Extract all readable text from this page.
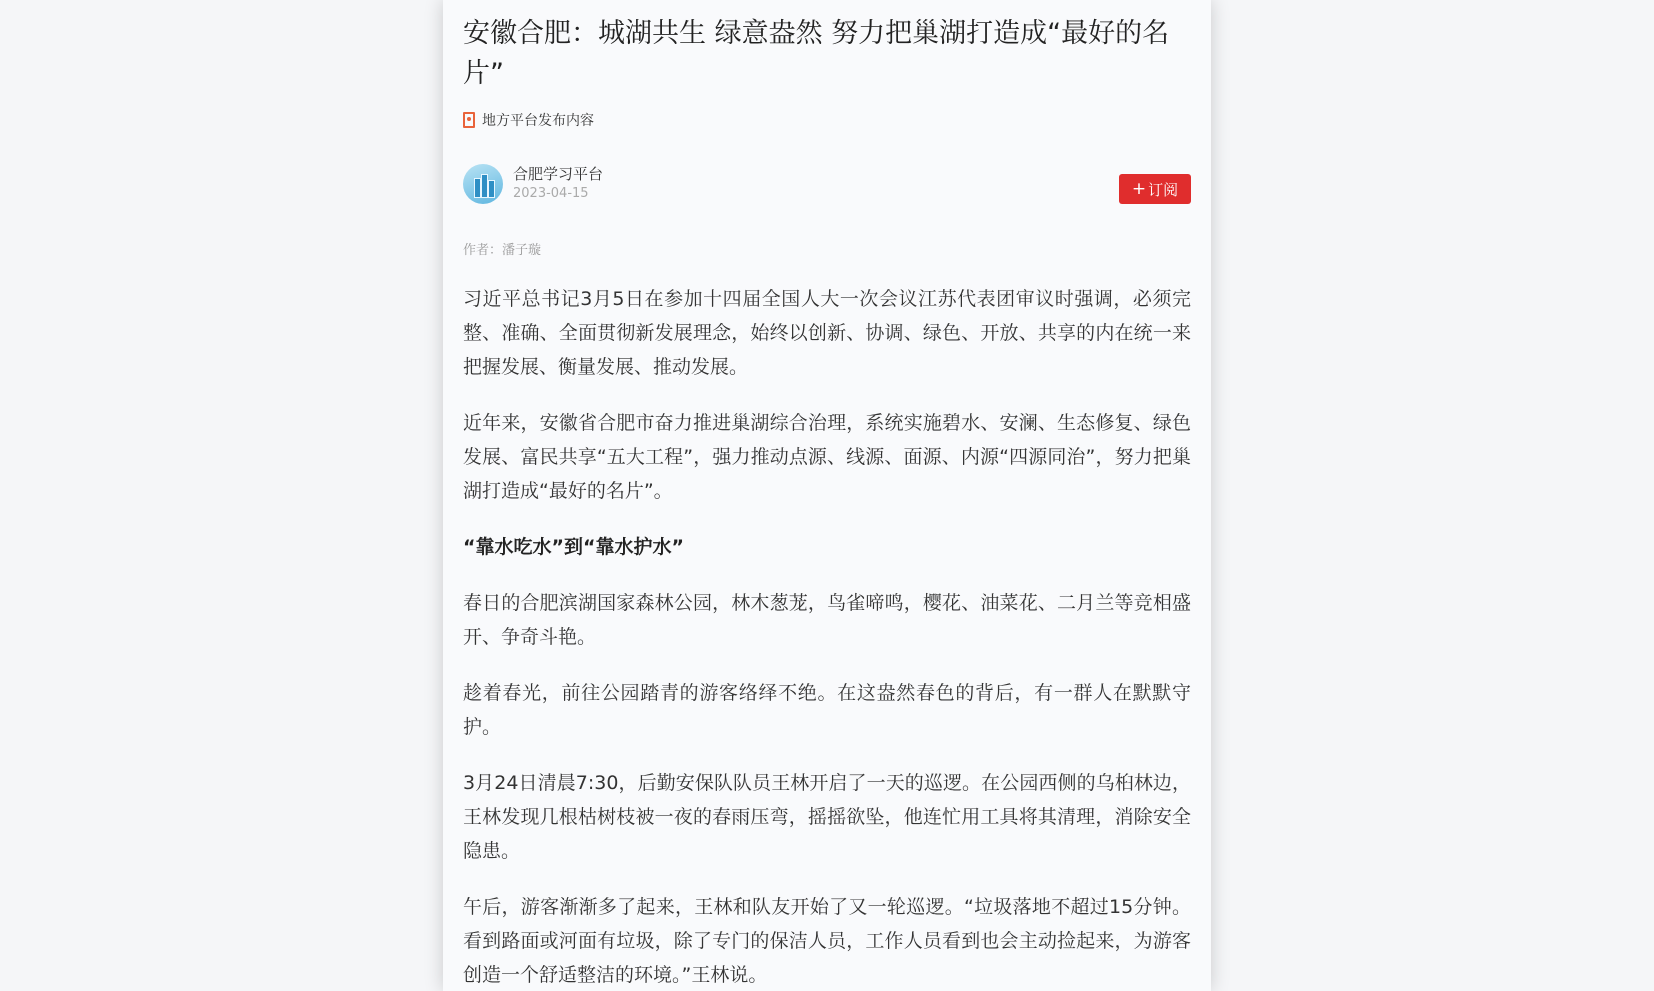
安徽合肥：城湖共生 绿意盎然 努力把巢湖打造成“最好的名片”
地方平台发布内容
合肥学习平台
2023-04-15	+ 订阅
作者：潘子璇

习近平总书记3月5日在参加十四届全国人大一次会议江苏代表团审议时强调，必须完整、准确、全面贯彻新发展理念，始终以创新、协调、绿色、开放、共享的内在统一来把握发展、衡量发展、推动发展。

近年来，安徽省合肥市奋力推进巢湖综合治理，系统实施碧水、安澜、生态修复、绿色发展、富民共享“五大工程”，强力推动点源、线源、面源、内源“四源同治”，努力把巢湖打造成“最好的名片”。

“靠水吃水”到“靠水护水”

春日的合肥滨湖国家森林公园，林木葱茏，鸟雀啼鸣，樱花、油菜花、二月兰等竞相盛开、争奇斗艳。

趁着春光，前往公园踏青的游客络绎不绝。在这盎然春色的背后，有一群人在默默守护。

3月24日清晨7:30，后勤安保队队员王林开启了一天的巡逻。在公园西侧的乌桕林边，王林发现几根枯树枝被一夜的春雨压弯，摇摇欲坠，他连忙用工具将其清理，消除安全隐患。

午后，游客渐渐多了起来，王林和队友开始了又一轮巡逻。“垃圾落地不超过15分钟。看到路面或河面有垃圾，除了专门的保洁人员，工作人员看到也会主动捡起来，为游客创造一个舒适整洁的环境。”王林说。
